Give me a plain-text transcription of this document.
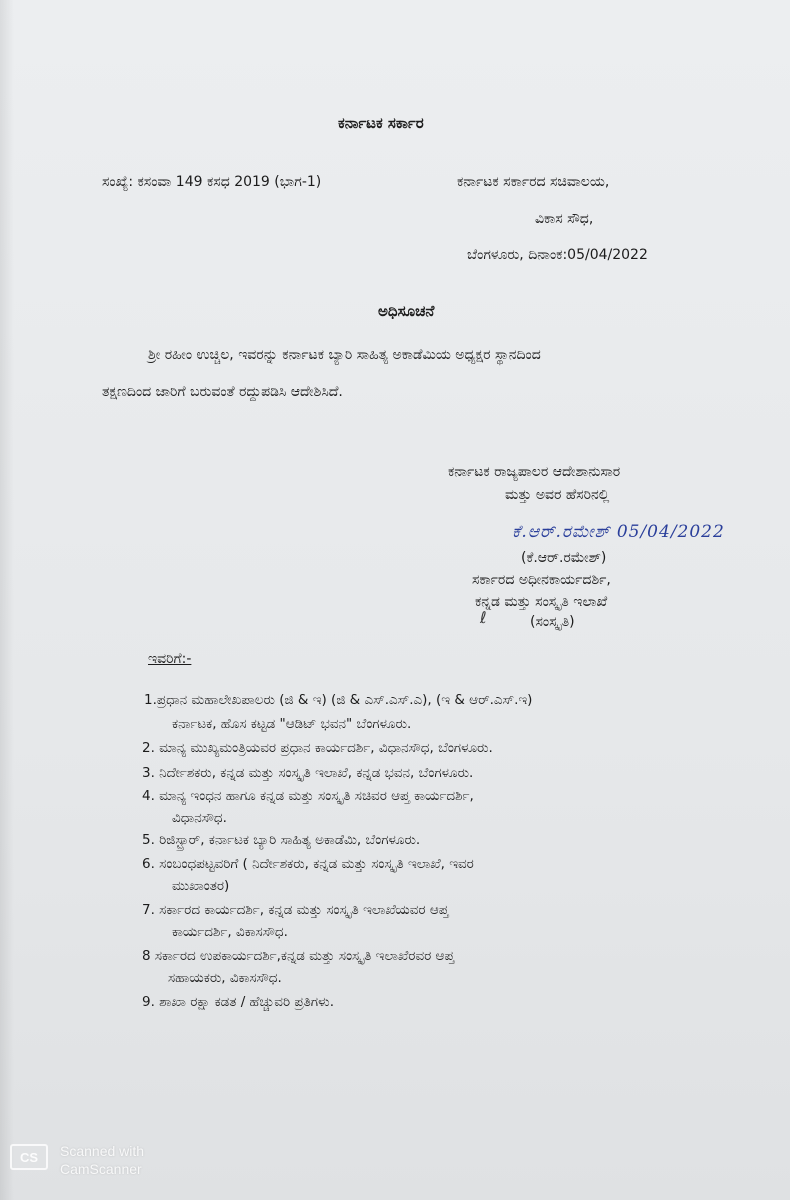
ಕರ್ನಾಟಕ ಸರ್ಕಾರ
ಸಂಖ್ಯೆ: ಕಸಂವಾ 149 ಕಸಧ 2019 (ಭಾಗ-1)	ಕರ್ನಾಟಕ ಸರ್ಕಾರದ ಸಚಿವಾಲಯ,
ವಿಕಾಸ ಸೌಧ,
ಬೆಂಗಳೂರು, ದಿನಾಂಕ:05/04/2022
ಅಧಿಸೂಚನೆ
ಶ್ರೀ ರಹೀಂ ಉಚ್ಚಿಲ, ಇವರನ್ನು ಕರ್ನಾಟಕ ಬ್ಯಾರಿ ಸಾಹಿತ್ಯ ಅಕಾಡೆಮಿಯ ಅಧ್ಯಕ್ಷರ ಸ್ಥಾನದಿಂದ
ತಕ್ಷಣದಿಂದ ಜಾರಿಗೆ ಬರುವಂತೆ ರದ್ದುಪಡಿಸಿ ಆದೇಶಿಸಿದೆ.
ಕರ್ನಾಟಕ ರಾಜ್ಯಪಾಲರ ಆದೇಶಾನುಸಾರ
ಮತ್ತು ಅವರ ಹೆಸರಿನಲ್ಲಿ
ಕೆ.ಆರ್.ರಮೇಶ್ 05/04/2022
(ಕೆ.ಆರ್.ರಮೇಶ್)
ಸರ್ಕಾರದ ಅಧೀನಕಾರ್ಯದರ್ಶಿ,
ಕನ್ನಡ ಮತ್ತು ಸಂಸ್ಕೃತಿ ಇಲಾಖೆ
ℓ	(ಸಂಸ್ಕೃತಿ)
ಇವರಿಗೆ:-
1.ಪ್ರಧಾನ ಮಹಾಲೇಖಪಾಲರು (ಜಿ & ಇ) (ಜಿ & ಎಸ್.ಎಸ್.ಎ), (ಇ & ಆರ್.ಎಸ್.ಇ)
ಕರ್ನಾಟಕ, ಹೊಸ ಕಟ್ಟಡ "ಆಡಿಟ್ ಭವನ" ಬೆಂಗಳೂರು.
2. ಮಾನ್ಯ ಮುಖ್ಯಮಂತ್ರಿಯವರ ಪ್ರಧಾನ ಕಾರ್ಯದರ್ಶಿ, ವಿಧಾನಸೌಧ, ಬೆಂಗಳೂರು.
3. ನಿರ್ದೇಶಕರು, ಕನ್ನಡ ಮತ್ತು ಸಂಸ್ಕೃತಿ ಇಲಾಖೆ, ಕನ್ನಡ ಭವನ, ಬೆಂಗಳೂರು.
4. ಮಾನ್ಯ ಇಂಧನ ಹಾಗೂ ಕನ್ನಡ ಮತ್ತು ಸಂಸ್ಕೃತಿ ಸಚಿವರ ಆಪ್ತ ಕಾರ್ಯದರ್ಶಿ,
ವಿಧಾನಸೌಧ.
5. ರಿಜಿಸ್ಟ್ರಾರ್, ಕರ್ನಾಟಕ ಬ್ಯಾರಿ ಸಾಹಿತ್ಯ ಅಕಾಡೆಮಿ, ಬೆಂಗಳೂರು.
6. ಸಂಬಂಧಪಟ್ಟವರಿಗೆ ( ನಿರ್ದೇಶಕರು, ಕನ್ನಡ ಮತ್ತು ಸಂಸ್ಕೃತಿ ಇಲಾಖೆ, ಇವರ
ಮುಖಾಂತರ)
7. ಸರ್ಕಾರದ ಕಾರ್ಯದರ್ಶಿ, ಕನ್ನಡ ಮತ್ತು ಸಂಸ್ಕೃತಿ ಇಲಾಖೆಯವರ ಆಪ್ತ
ಕಾರ್ಯದರ್ಶಿ, ವಿಕಾಸಸೌಧ.
8 ಸರ್ಕಾರದ ಉಪಕಾರ್ಯದರ್ಶಿ,ಕನ್ನಡ ಮತ್ತು ಸಂಸ್ಕೃತಿ ಇಲಾಖೆರವರ ಆಪ್ತ
ಸಹಾಯಕರು, ವಿಕಾಸಸೌಧ.
9. ಶಾಖಾ ರಕ್ಷಾ ಕಡತ / ಹೆಚ್ಚುವರಿ ಪ್ರತಿಗಳು.
CS	Scanned with
CamScanner
